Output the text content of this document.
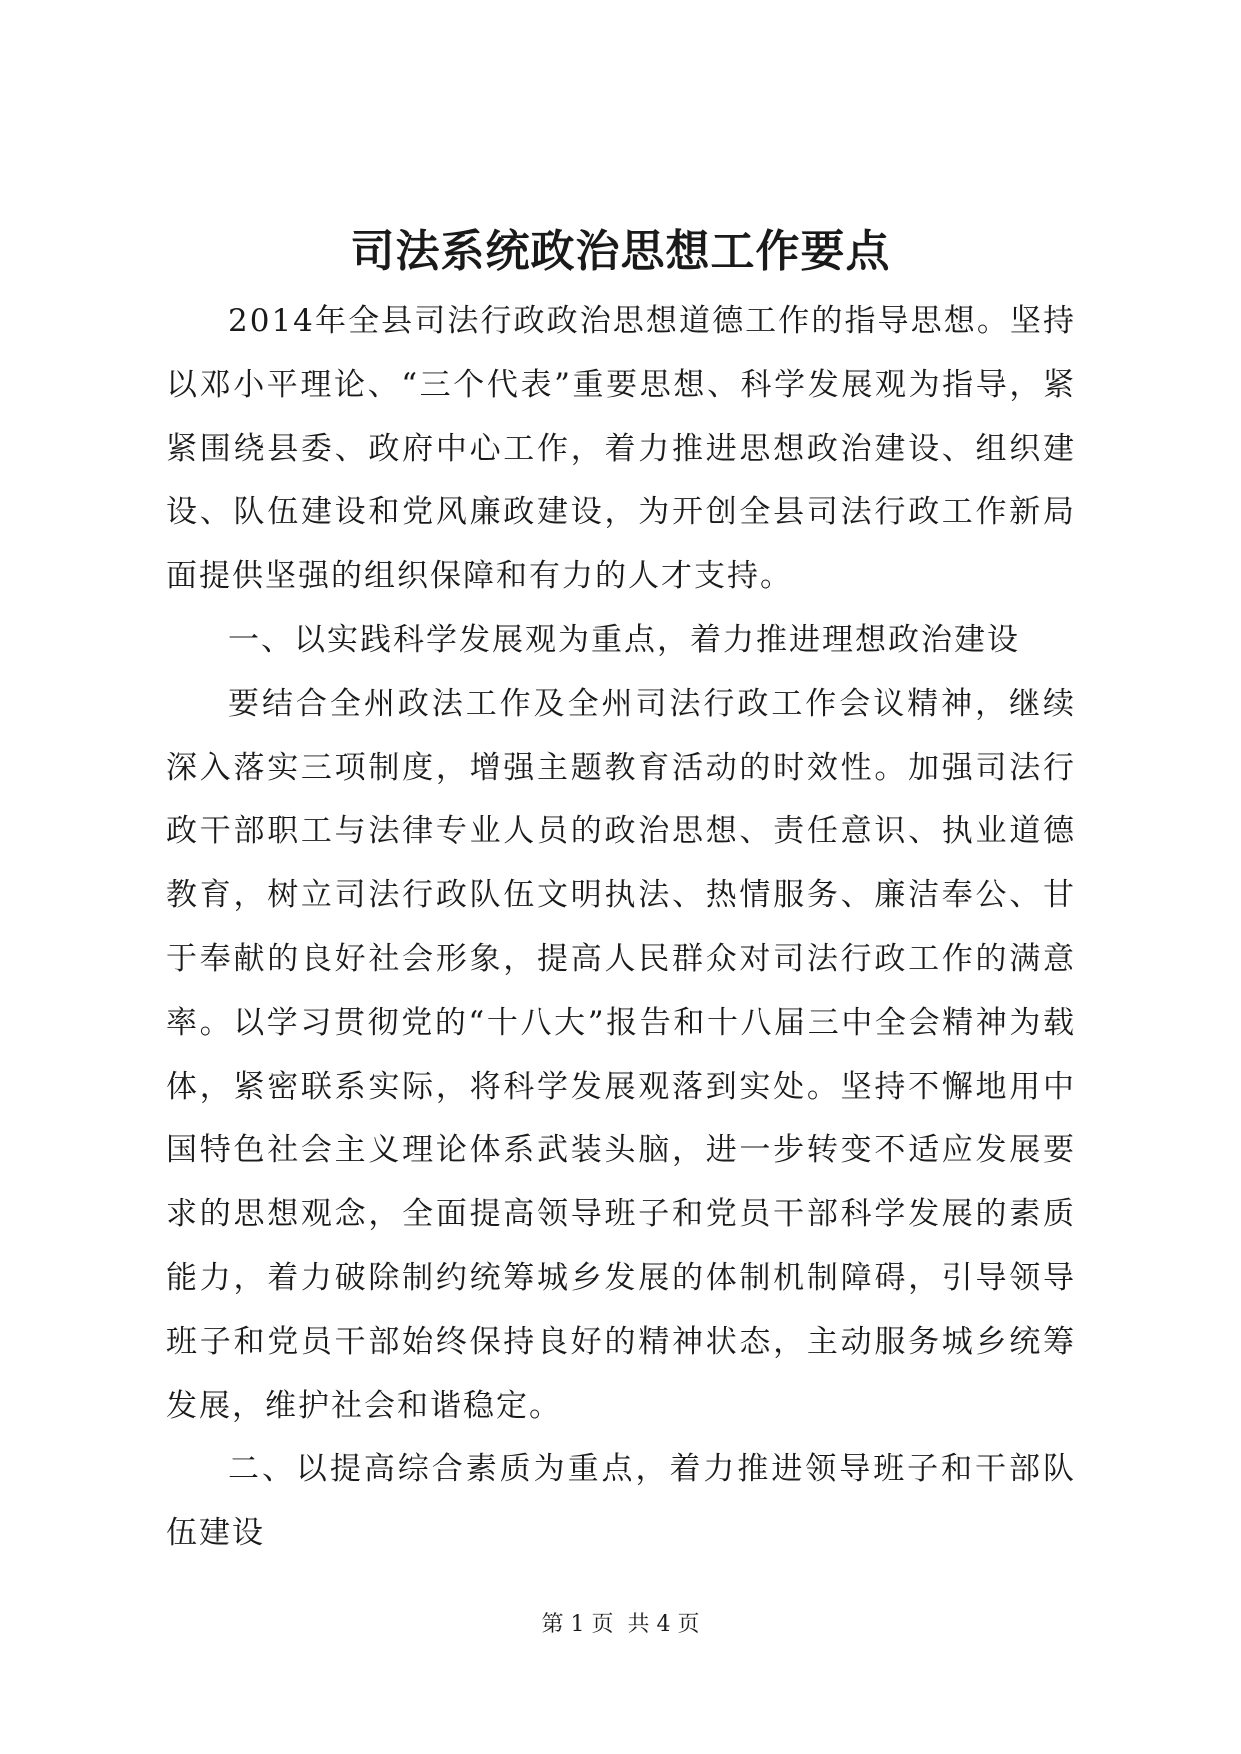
司法系统政治思想工作要点

2014年全县司法行政政治思想道德工作的指导思想。坚持以邓小平理论、“三个代表”重要思想、科学发展观为指导，紧紧围绕县委、政府中心工作，着力推进思想政治建设、组织建设、队伍建设和党风廉政建设，为开创全县司法行政工作新局面提供坚强的组织保障和有力的人才支持。

一、以实践科学发展观为重点，着力推进理想政治建设

要结合全州政法工作及全州司法行政工作会议精神，继续深入落实三项制度，增强主题教育活动的时效性。加强司法行政干部职工与法律专业人员的政治思想、责任意识、执业道德教育，树立司法行政队伍文明执法、热情服务、廉洁奉公、甘于奉献的良好社会形象，提高人民群众对司法行政工作的满意率。以学习贯彻党的“十八大”报告和十八届三中全会精神为载体，紧密联系实际，将科学发展观落到实处。坚持不懈地用中国特色社会主义理论体系武装头脑，进一步转变不适应发展要求的思想观念，全面提高领导班子和党员干部科学发展的素质能力，着力破除制约统筹城乡发展的体制机制障碍，引导领导班子和党员干部始终保持良好的精神状态，主动服务城乡统筹发展，维护社会和谐稳定。

二、以提高综合素质为重点，着力推进领导班子和干部队伍建设

第 1 页  共 4 页
